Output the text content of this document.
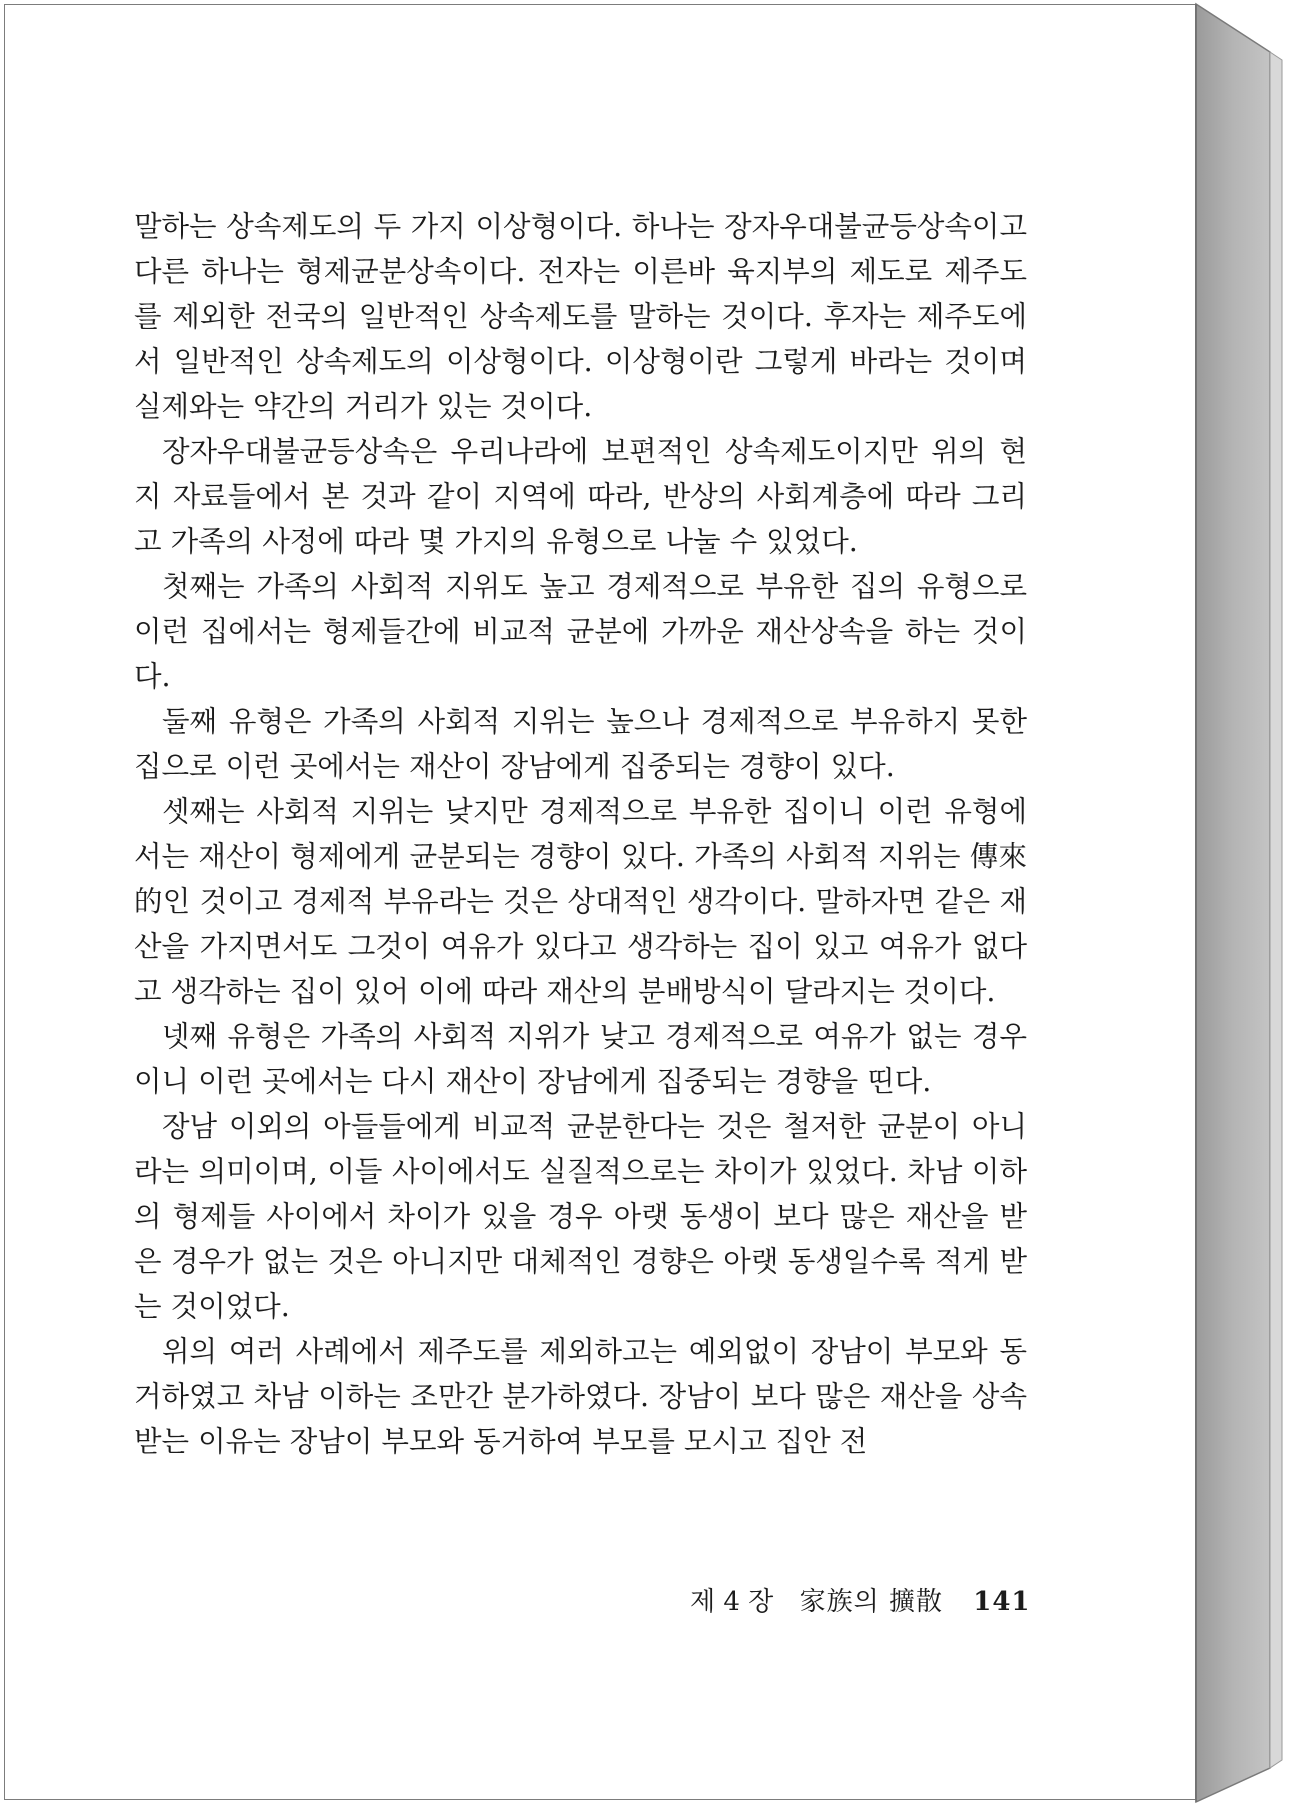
말하는 상속제도의 두 가지 이상형이다. 하나는 장자우대불균등상속이고 다른 하나는 형제균분상속이다. 전자는 이른바 육지부의 제도로 제주도를 제외한 전국의 일반적인 상속제도를 말하는 것이다. 후자는 제주도에서 일반적인 상속제도의 이상형이다. 이상형이란 그렇게 바라는 것이며 실제와는 약간의 거리가 있는 것이다.

장자우대불균등상속은 우리나라에 보편적인 상속제도이지만 위의 현지 자료들에서 본 것과 같이 지역에 따라, 반상의 사회계층에 따라 그리고 가족의 사정에 따라 몇 가지의 유형으로 나눌 수 있었다.

첫째는 가족의 사회적 지위도 높고 경제적으로 부유한 집의 유형으로 이런 집에서는 형제들간에 비교적 균분에 가까운 재산상속을 하는 것이다.

둘째 유형은 가족의 사회적 지위는 높으나 경제적으로 부유하지 못한 집으로 이런 곳에서는 재산이 장남에게 집중되는 경향이 있다.

셋째는 사회적 지위는 낮지만 경제적으로 부유한 집이니 이런 유형에서는 재산이 형제에게 균분되는 경향이 있다. 가족의 사회적 지위는 傳來的인 것이고 경제적 부유라는 것은 상대적인 생각이다. 말하자면 같은 재산을 가지면서도 그것이 여유가 있다고 생각하는 집이 있고 여유가 없다고 생각하는 집이 있어 이에 따라 재산의 분배방식이 달라지는 것이다.

넷째 유형은 가족의 사회적 지위가 낮고 경제적으로 여유가 없는 경우이니 이런 곳에서는 다시 재산이 장남에게 집중되는 경향을 띤다.

장남 이외의 아들들에게 비교적 균분한다는 것은 철저한 균분이 아니라는 의미이며, 이들 사이에서도 실질적으로는 차이가 있었다. 차남 이하의 형제들 사이에서 차이가 있을 경우 아랫 동생이 보다 많은 재산을 받은 경우가 없는 것은 아니지만 대체적인 경향은 아랫 동생일수록 적게 받는 것이었다.

위의 여러 사례에서 제주도를 제외하고는 예외없이 장남이 부모와 동거하였고 차남 이하는 조만간 분가하였다. 장남이 보다 많은 재산을 상속받는 이유는 장남이 부모와 동거하여 부모를 모시고 집안 전

제 4 장 家族의 擴散 141
